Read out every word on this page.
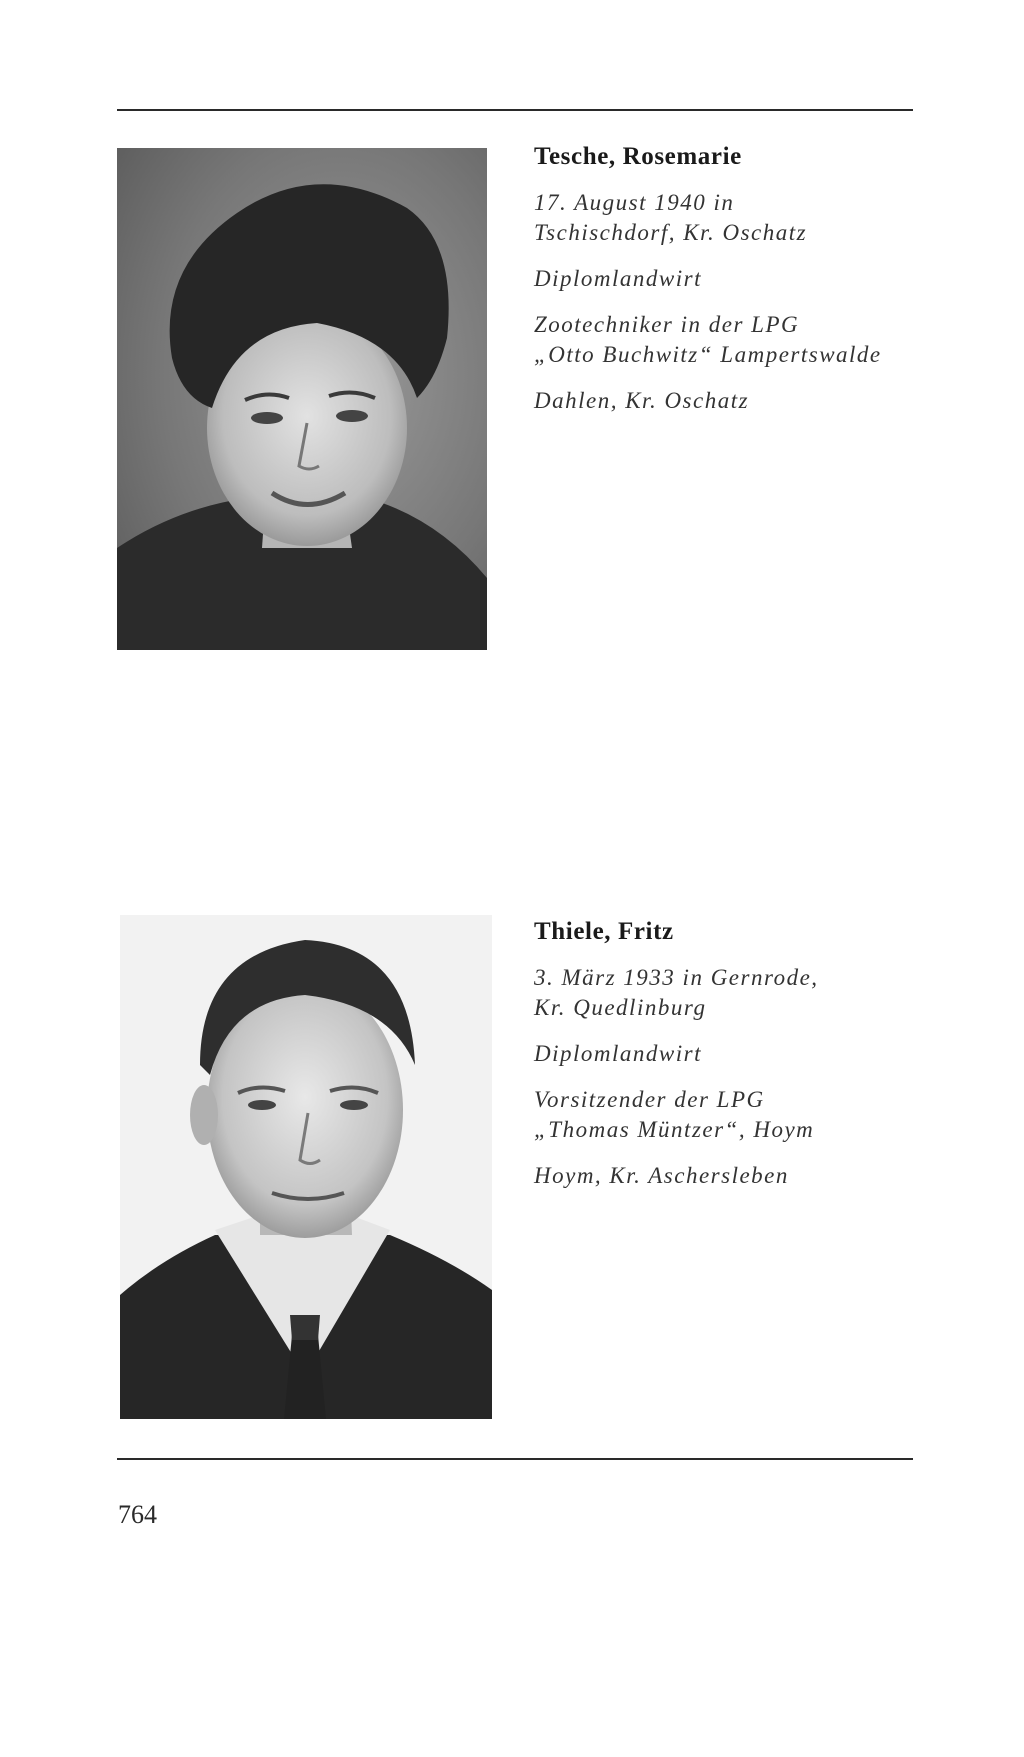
Tesche, Rosemarie

17. August 1940 in

Tschischdorf, Kr. Oschatz

Diplomlandwirt

Zootechniker in der LPG

„Otto Buchwitz“ Lampertswalde

Dahlen, Kr. Oschatz

Thiele, Fritz

3. März 1933 in Gernrode,

Kr. Quedlinburg

Diplomlandwirt

Vorsitzender der LPG

„Thomas Müntzer“, Hoym

Hoym, Kr. Aschersleben

764
